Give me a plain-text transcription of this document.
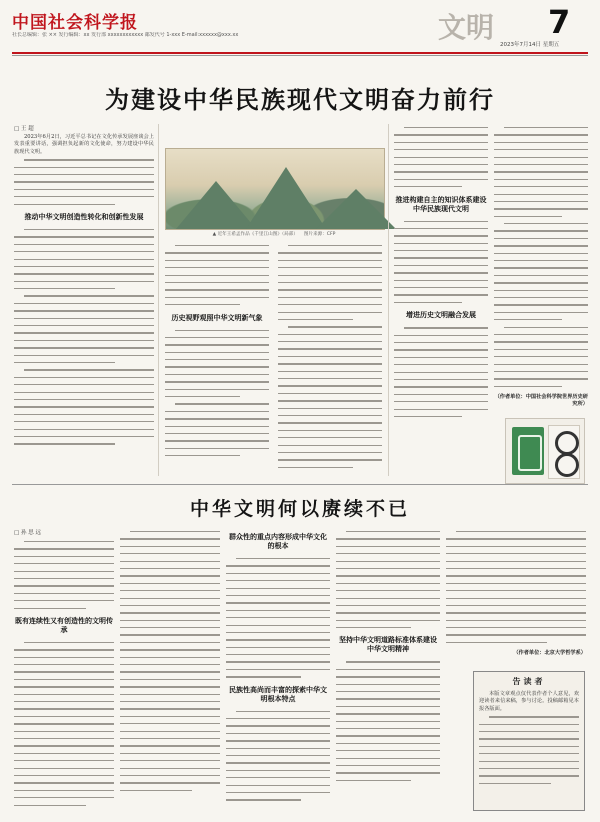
中国社会科学报
社长总编辑：张 ×× 发行编辑：xx 发行部 xxxxxxxxxxxx 邮发代号 1-xxx E-mail:xxxxxx@xxx.xx	文明 7
2023年7月14日 星期五
为建设中华民族现代文明奋力前行
□ 王 超

2023年6月2日，习近平总书记在文化传承发展座谈会上发表重要讲话，强调担负起新的文化使命，努力建设中华民族现代文明。

推动中华文明创造性转化和创新性发展
▲ 近年王希孟作品《千里江山图》（局部） 图片来源：CFP
历史视野观照中华文明新气象
推进构建自主的知识体系建设中华民族现代文明
增进历史文明融合发展
（作者单位：中国社会科学院世界历史研究所）
中华文明何以赓续不已
□ 孙 思 远
既有连续性又有创造性的文明传承
群众性的重点内容形成中华文化的根本
民族性高尚而丰富的探索中华文明根本特点
坚持中华文明道路标准体系建设中华文明精神	（作者单位：北京大学哲学系）
告读者

本版文章观点仅代表作者个人意见，欢迎读者来信来稿，参与讨论。投稿邮箱见本报各版面。
